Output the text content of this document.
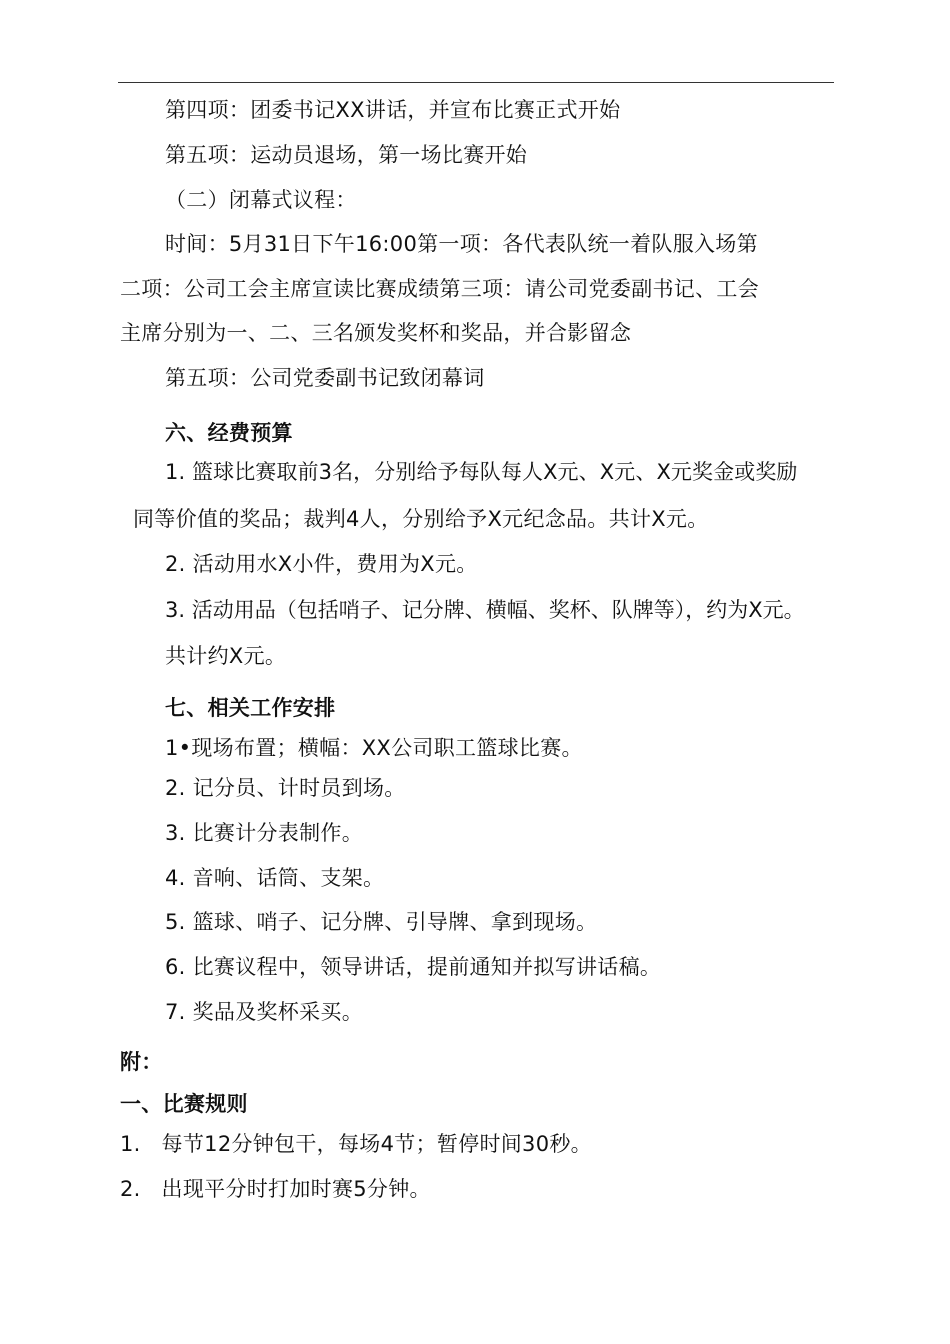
第四项：团委书记XX讲话，并宣布比赛正式开始
第五项：运动员退场，第一场比赛开始
（二）闭幕式议程：
时间：5月31日下午16:00第一项：各代表队统一着队服入场第
二项：公司工会主席宣读比赛成绩第三项：请公司党委副书记、工会
主席分别为一、二、三名颁发奖杯和奖品，并合影留念
第五项：公司党委副书记致闭幕词
六、经费预算
1. 篮球比赛取前3名，分别给予每队每人X元、X元、X元奖金或奖励
同等价值的奖品；裁判4人，分别给予X元纪念品。共计X元。
2. 活动用水X小件，费用为X元。
3. 活动用品（包括哨子、记分牌、横幅、奖杯、队牌等），约为X元。
共计约X元。
七、相关工作安排
1•现场布置；横幅：XX公司职工篮球比赛。
2. 记分员、计时员到场。
3. 比赛计分表制作。
4. 音响、话筒、支架。
5. 篮球、哨子、记分牌、引导牌、拿到现场。
6. 比赛议程中，领导讲话，提前通知并拟写讲话稿。
7. 奖品及奖杯采买。
附：
一、比赛规则
1.   每节12分钟包干，每场4节；暂停时间30秒。
2.   出现平分时打加时赛5分钟。
